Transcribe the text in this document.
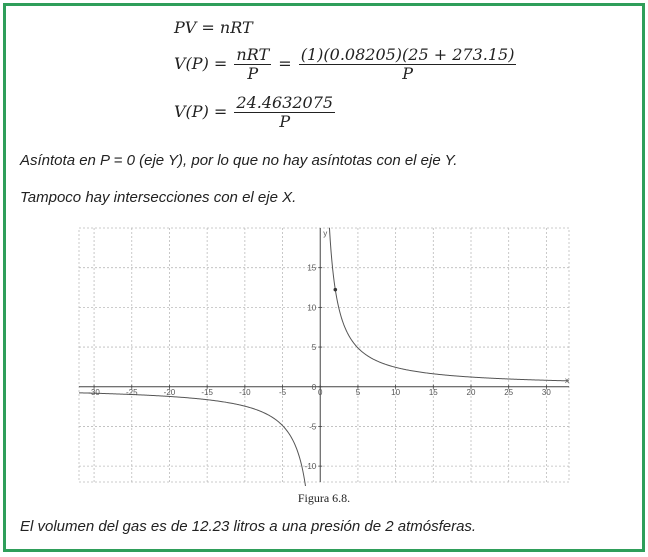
PV = nRT
$V(P) = \frac{\text{nRT}}{P} = \frac{(1)(0.08205)(25 + 273.15)}{P}$
$V(P) = \frac{24.4632075}{P}$
Asíntota en P = 0 (eje Y), por lo que no hay asíntotas con el eje Y.
Tampoco hay intersecciones con el eje X.
x
y
-30	-25	-20	-15	-10	-5	0	5	10	15	20	25	30
-10
-5
0
5
10
15
Figura 6.8.
El volumen del gas es de 12.23 litros a una presión de 2 atmósferas.
